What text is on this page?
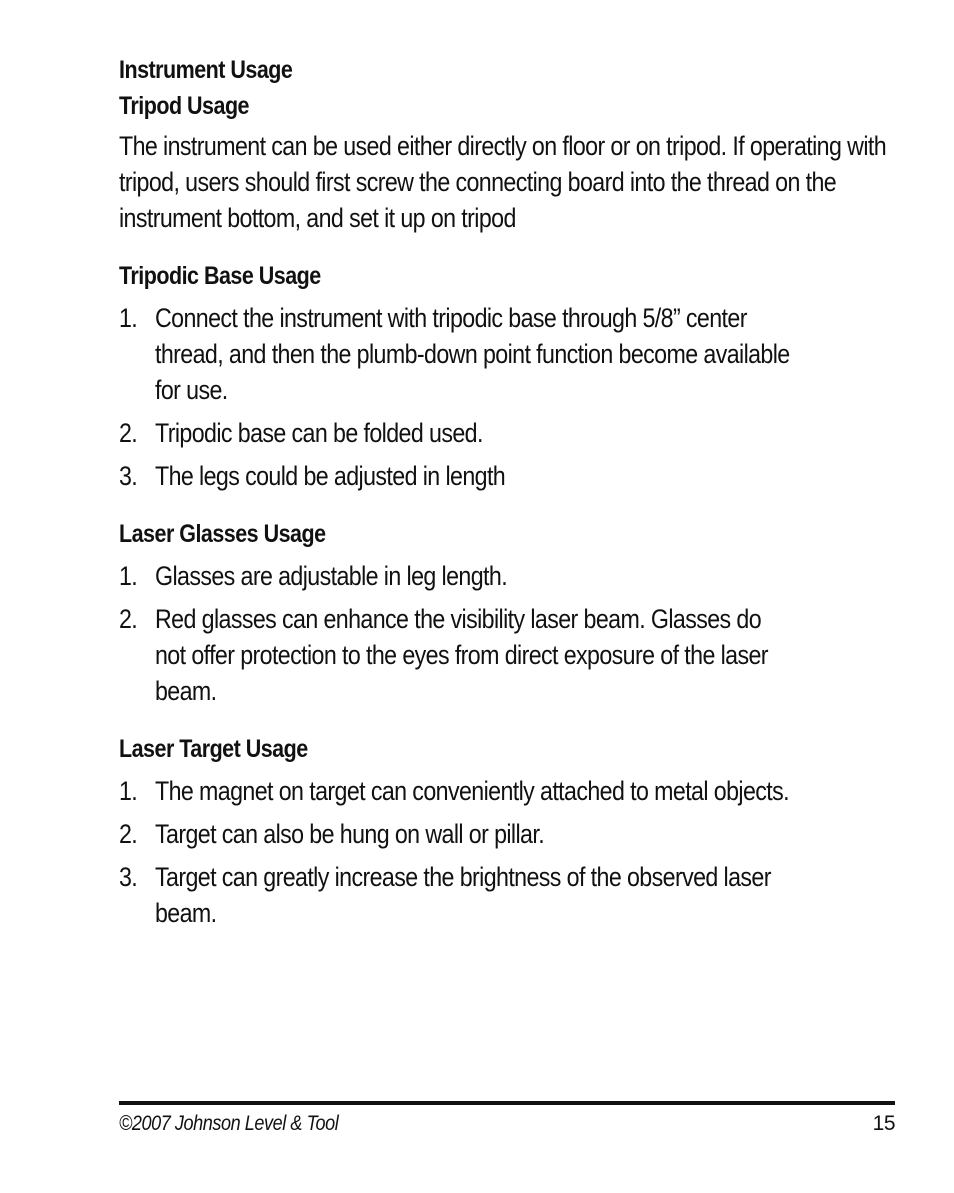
Instrument Usage
Tripod Usage

The instrument can be used either directly on floor or on tripod. If operating with tripod, users should first screw the connecting board into the thread on the instrument bottom, and set it up on tripod

Tripodic Base Usage
1. Connect the instrument with tripodic base through 5/8” center thread, and then the plumb-down point function become available for use.
2. Tripodic base can be folded used.
3. The legs could be adjusted in length
Laser Glasses Usage
1. Glasses are adjustable in leg length.
2. Red glasses can enhance the visibility laser beam. Glasses do not offer protection to the eyes from direct exposure of the laser beam.
Laser Target Usage
1. The magnet on target can conveniently attached to metal objects.
2. Target can also be hung on wall or pillar.
3. Target can greatly increase the brightness of the observed laser beam.
©2007 Johnson Level & Tool	15
